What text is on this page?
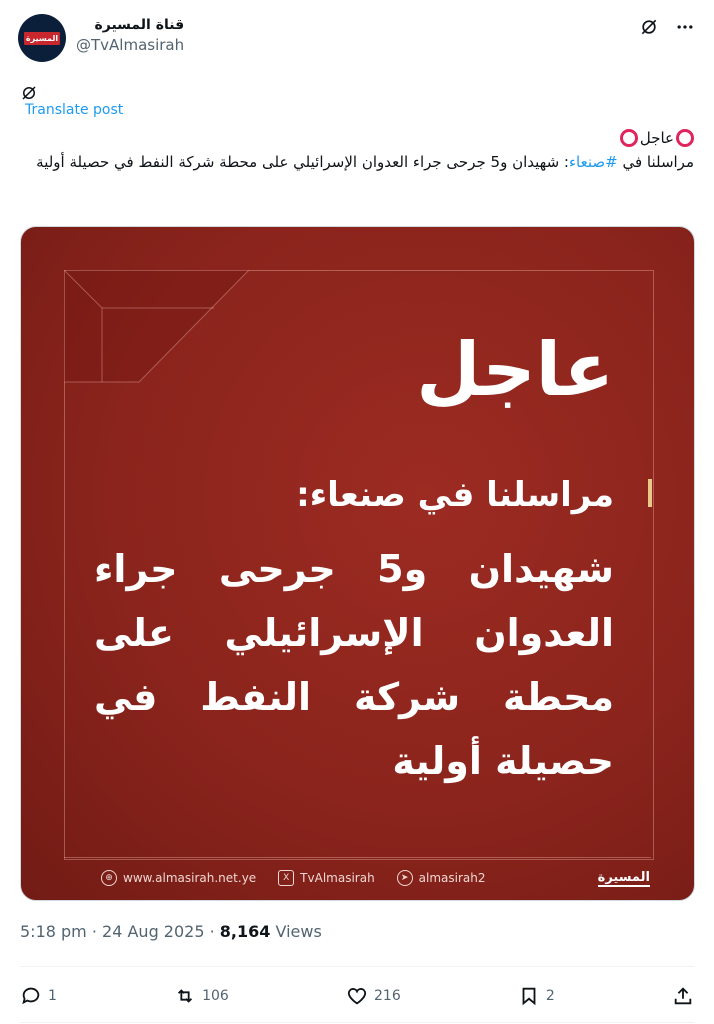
المسيرة
قناة المسيرة
@TvAlmasirah
Translate post
عاجل
مراسلنا في #صنعاء: شهيدان و5 جرحى جراء العدوان الإسرائيلي على محطة شركة النفط في حصيلة أولية
عاجل
مراسلنا في صنعاء:
شهيدان و5 جرحى جراء العدوان الإسرائيلي على محطة شركة النفط في حصيلة أولية
⊕ www.almasirah.net.ye	X TvAlmasirah	➤ almasirah2	المسيرة
5:18 pm · 24 Aug 2025 · 8,164 Views
1	106	216	2
